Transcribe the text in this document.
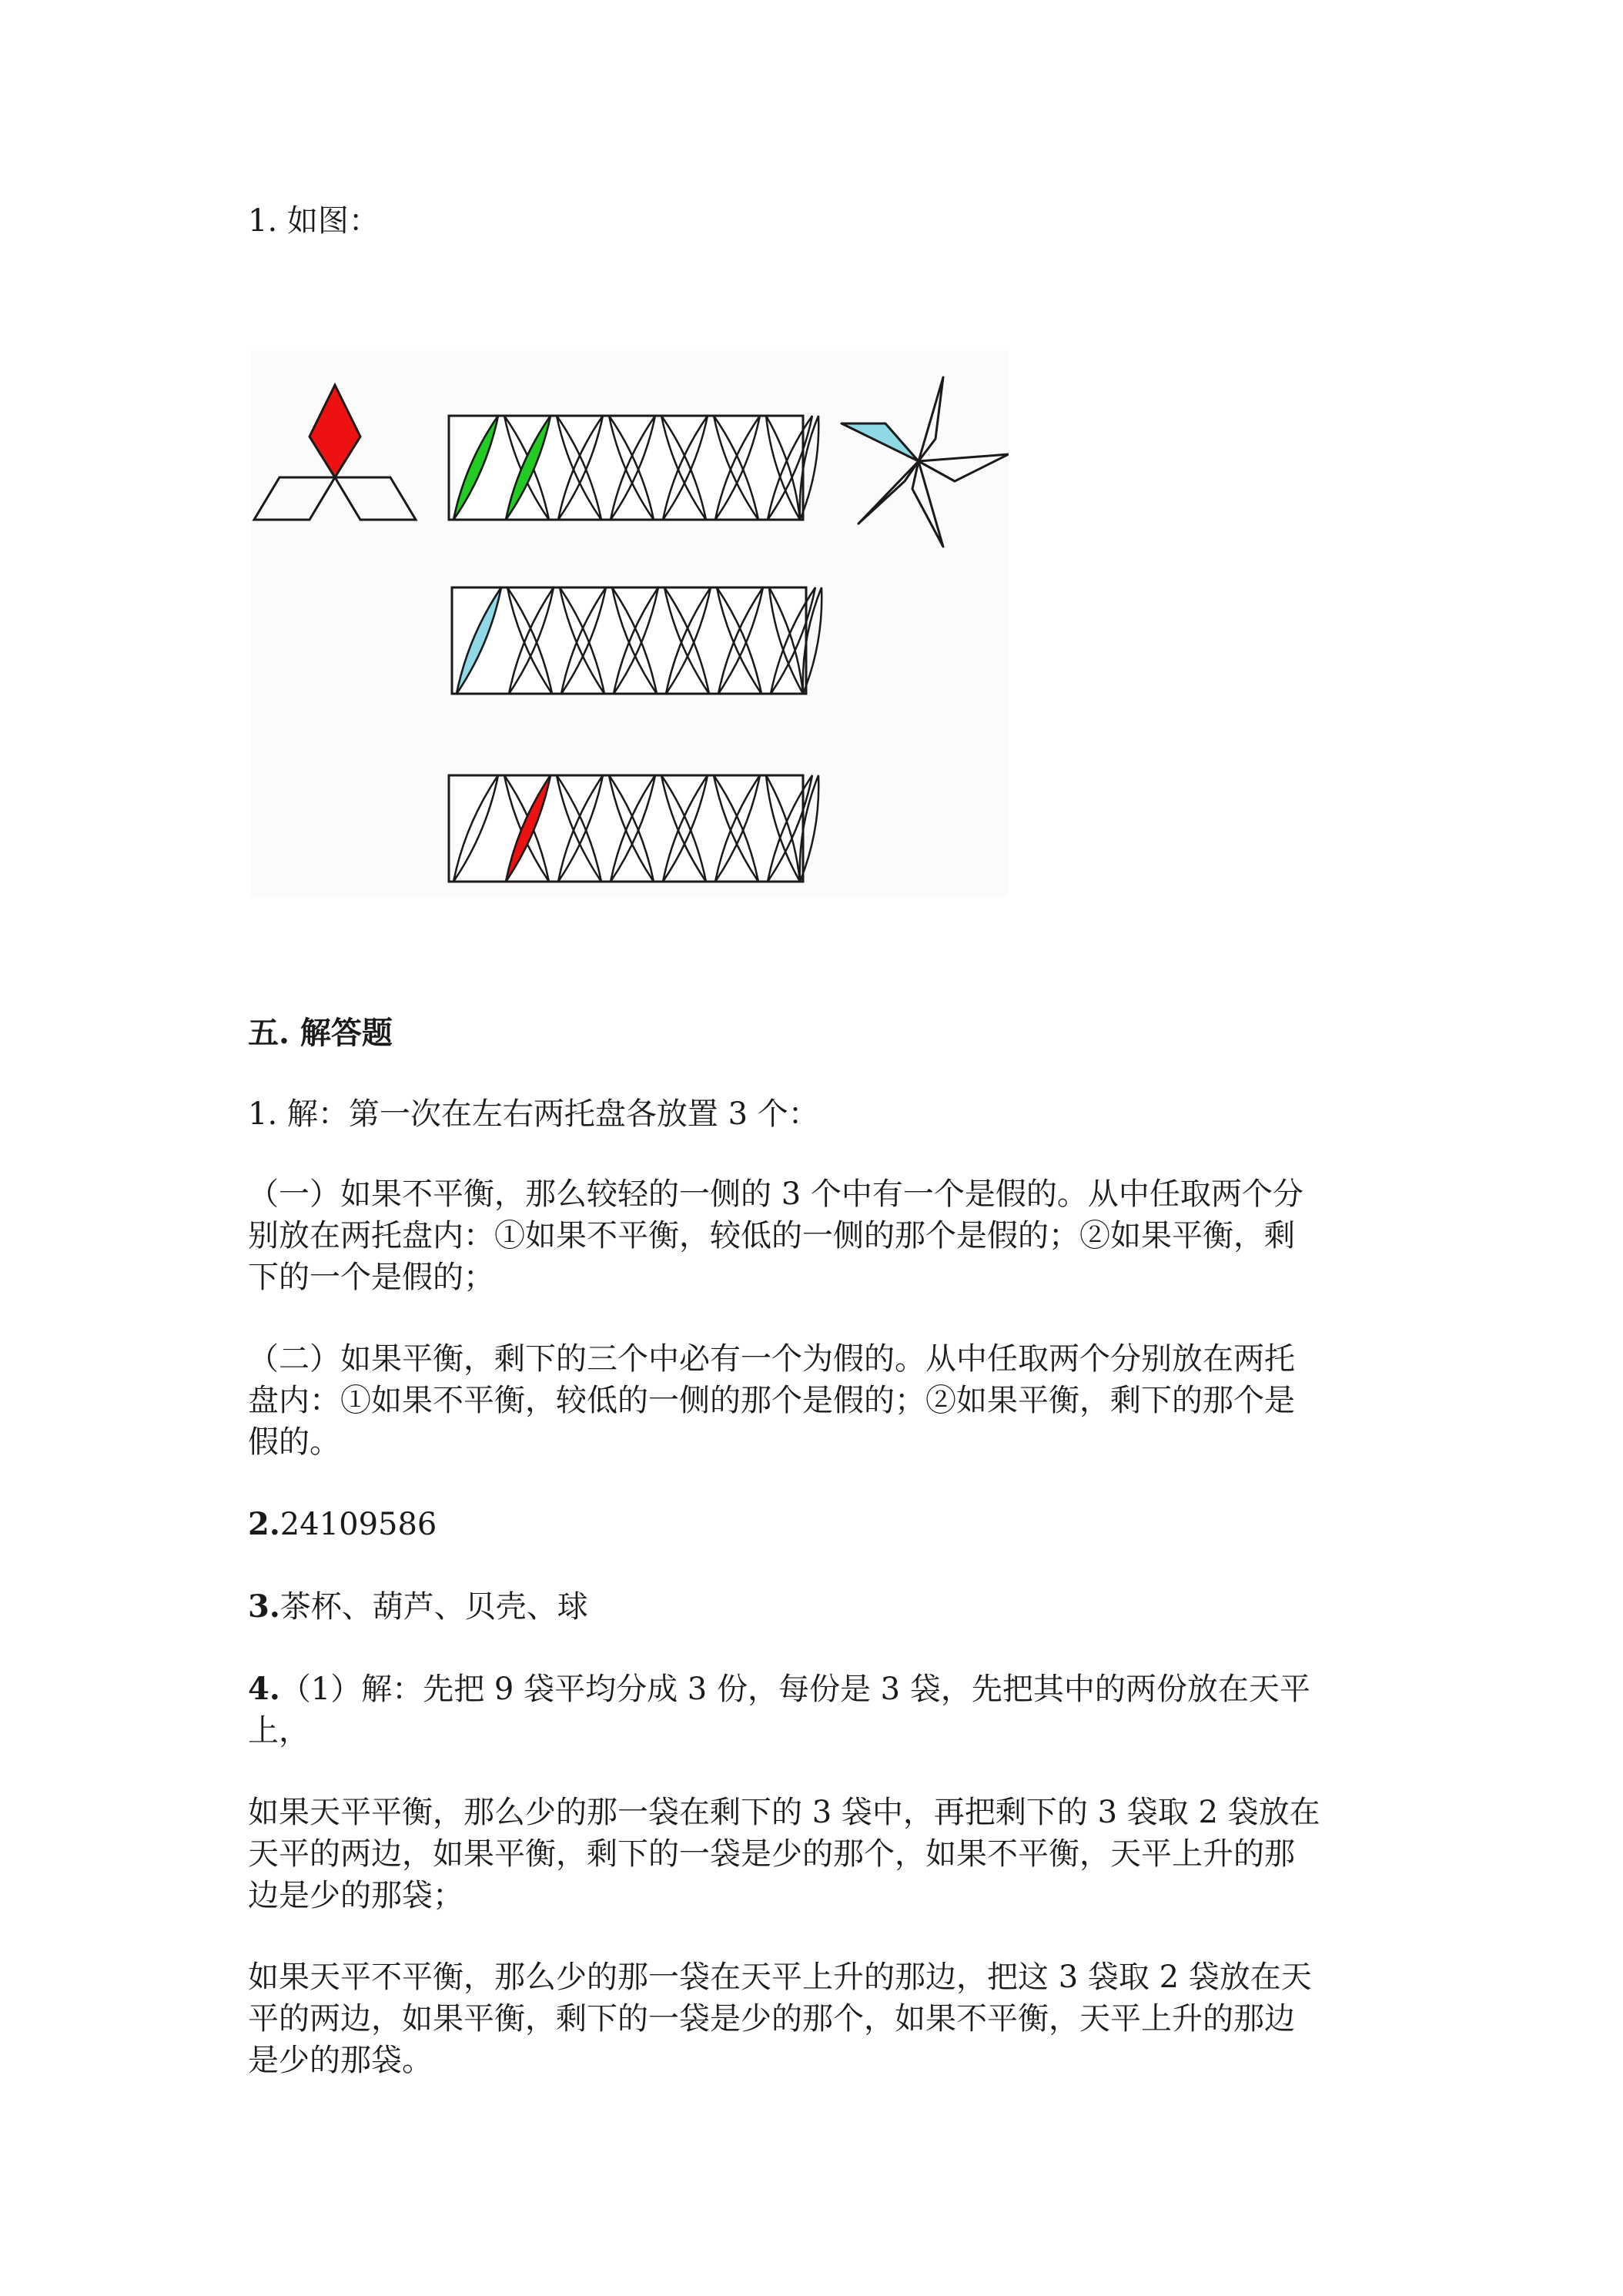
1. 如图：

五. 解答题

1. 解：第一次在左右两托盘各放置 3 个：

（一）如果不平衡，那么较轻的一侧的 3 个中有一个是假的。从中任取两个分

别放在两托盘内：①如果不平衡，较低的一侧的那个是假的；②如果平衡，剩

下的一个是假的；

（二）如果平衡，剩下的三个中必有一个为假的。从中任取两个分别放在两托

盘内：①如果不平衡，较低的一侧的那个是假的；②如果平衡，剩下的那个是

假的。

2.24109586

3.茶杯、葫芦、贝壳、球

4.（1）解：先把 9 袋平均分成 3 份，每份是 3 袋，先把其中的两份放在天平

上，

如果天平平衡，那么少的那一袋在剩下的 3 袋中，再把剩下的 3 袋取 2 袋放在

天平的两边，如果平衡，剩下的一袋是少的那个，如果不平衡，天平上升的那

边是少的那袋；

如果天平不平衡，那么少的那一袋在天平上升的那边，把这 3 袋取 2 袋放在天

平的两边，如果平衡，剩下的一袋是少的那个，如果不平衡，天平上升的那边

是少的那袋。
